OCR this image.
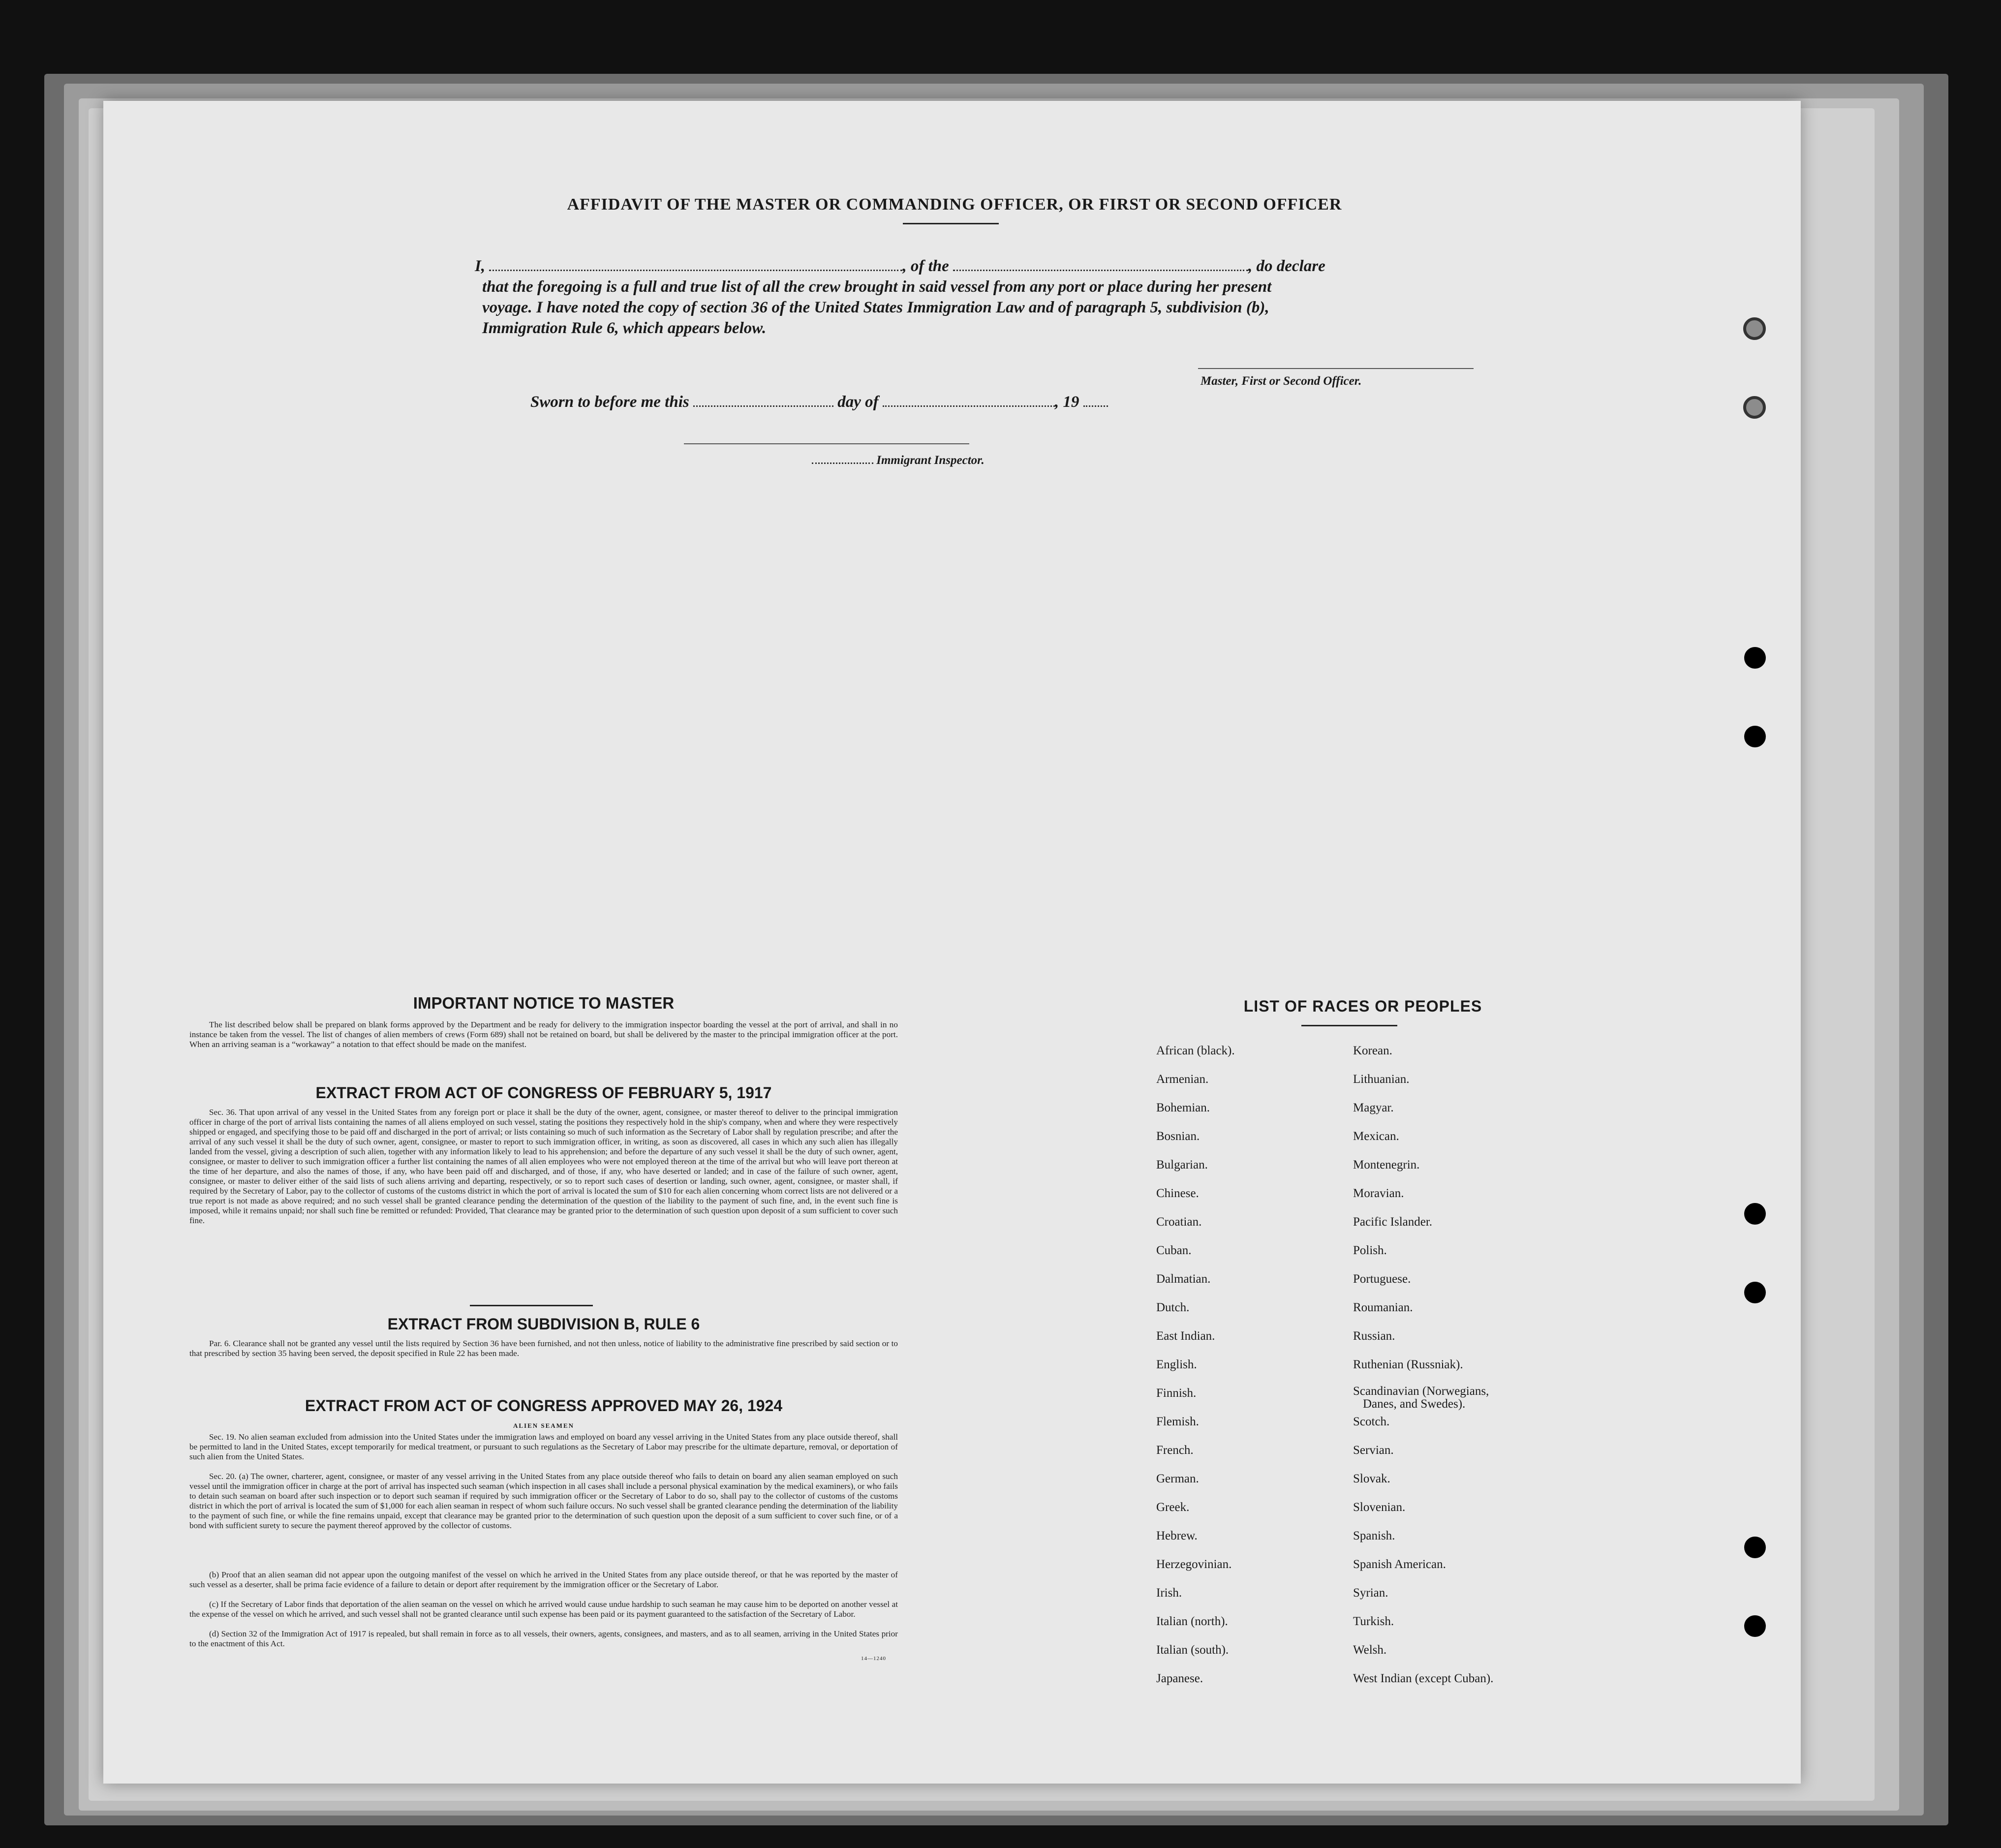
AFFIDAVIT OF THE MASTER OR COMMANDING OFFICER, OR FIRST OR SECOND OFFICER
I,	, of the	, do declare
that the foregoing is a full and true list of all the crew brought in said vessel from any port or place during her present
voyage. I have noted the copy of section 36 of the United States Immigration Law and of paragraph 5, subdivision (b),
Immigration Rule 6, which appears below.
Master, First or Second Officer.
Sworn to before me this	day of	, 19
Immigrant Inspector.
IMPORTANT NOTICE TO MASTER

The list described below shall be prepared on blank forms approved by the Department and be ready for delivery to the immigration inspector boarding the vessel at the port of arrival, and shall in no instance be taken from the vessel. The list of changes of alien members of crews (Form 689) shall not be retained on board, but shall be delivered by the master to the principal immigration officer at the port. When an arriving seaman is a “workaway” a notation to that effect should be made on the manifest.

EXTRACT FROM ACT OF CONGRESS OF FEBRUARY 5, 1917

Sec. 36. That upon arrival of any vessel in the United States from any foreign port or place it shall be the duty of the owner, agent, consignee, or master thereof to deliver to the principal immigration officer in charge of the port of arrival lists containing the names of all aliens employed on such vessel, stating the positions they respectively hold in the ship's company, when and where they were respectively shipped or engaged, and specifying those to be paid off and discharged in the port of arrival; or lists containing so much of such information as the Secretary of Labor shall by regulation prescribe; and after the arrival of any such vessel it shall be the duty of such owner, agent, consignee, or master to report to such immigration officer, in writing, as soon as discovered, all cases in which any such alien has illegally landed from the vessel, giving a description of such alien, together with any information likely to lead to his apprehension; and before the departure of any such vessel it shall be the duty of such owner, agent, consignee, or master to deliver to such immigration officer a further list containing the names of all alien employees who were not employed thereon at the time of the arrival but who will leave port thereon at the time of her departure, and also the names of those, if any, who have been paid off and discharged, and of those, if any, who have deserted or landed; and in case of the failure of such owner, agent, consignee, or master to deliver either of the said lists of such aliens arriving and departing, respectively, or so to report such cases of desertion or landing, such owner, agent, consignee, or master shall, if required by the Secretary of Labor, pay to the collector of customs of the customs district in which the port of arrival is located the sum of $10 for each alien concerning whom correct lists are not delivered or a true report is not made as above required; and no such vessel shall be granted clearance pending the determination of the question of the liability to the payment of such fine, and, in the event such fine is imposed, while it remains unpaid; nor shall such fine be remitted or refunded: Provided, That clearance may be granted prior to the determination of such question upon deposit of a sum sufficient to cover such fine.

EXTRACT FROM SUBDIVISION B, RULE 6

Par. 6. Clearance shall not be granted any vessel until the lists required by Section 36 have been furnished, and not then unless, notice of liability to the administrative fine prescribed by said section or to that prescribed by section 35 having been served, the deposit specified in Rule 22 has been made.

EXTRACT FROM ACT OF CONGRESS APPROVED MAY 26, 1924
ALIEN SEAMEN

Sec. 19. No alien seaman excluded from admission into the United States under the immigration laws and employed on board any vessel arriving in the United States from any place outside thereof, shall be permitted to land in the United States, except temporarily for medical treatment, or pursuant to such regulations as the Secretary of Labor may prescribe for the ultimate departure, removal, or deportation of such alien from the United States.

Sec. 20. (a) The owner, charterer, agent, consignee, or master of any vessel arriving in the United States from any place outside thereof who fails to detain on board any alien seaman employed on such vessel until the immigration officer in charge at the port of arrival has inspected such seaman (which inspection in all cases shall include a personal physical examination by the medical examiners), or who fails to detain such seaman on board after such inspection or to deport such seaman if required by such immigration officer or the Secretary of Labor to do so, shall pay to the collector of customs of the customs district in which the port of arrival is located the sum of $1,000 for each alien seaman in respect of whom such failure occurs. No such vessel shall be granted clearance pending the determination of the liability to the payment of such fine, or while the fine remains unpaid, except that clearance may be granted prior to the determination of such question upon the deposit of a sum sufficient to cover such fine, or of a bond with sufficient surety to secure the payment thereof approved by the collector of customs.

(b) Proof that an alien seaman did not appear upon the outgoing manifest of the vessel on which he arrived in the United States from any place outside thereof, or that he was reported by the master of such vessel as a deserter, shall be prima facie evidence of a failure to detain or deport after requirement by the immigration officer or the Secretary of Labor.

(c) If the Secretary of Labor finds that deportation of the alien seaman on the vessel on which he arrived would cause undue hardship to such seaman he may cause him to be deported on another vessel at the expense of the vessel on which he arrived, and such vessel shall not be granted clearance until such expense has been paid or its payment guaranteed to the satisfaction of the Secretary of Labor.

(d) Section 32 of the Immigration Act of 1917 is repealed, but shall remain in force as to all vessels, their owners, agents, consignees, and masters, and as to all seamen, arriving in the United States prior to the enactment of this Act.

14—1240
LIST OF RACES OR PEOPLES
African (black).
Armenian.
Bohemian.
Bosnian.
Bulgarian.
Chinese.
Croatian.
Cuban.
Dalmatian.
Dutch.
East Indian.
English.
Finnish.
Flemish.
French.
German.
Greek.
Hebrew.
Herzegovinian.
Irish.
Italian (north).
Italian (south).
Japanese.
Korean.
Lithuanian.
Magyar.
Mexican.
Montenegrin.
Moravian.
Pacific Islander.
Polish.
Portuguese.
Roumanian.
Russian.
Ruthenian (Russniak).
Scandinavian (Norwegians,
Danes, and Swedes).
Scotch.
Servian.
Slovak.
Slovenian.
Spanish.
Spanish American.
Syrian.
Turkish.
Welsh.
West Indian (except Cuban).
